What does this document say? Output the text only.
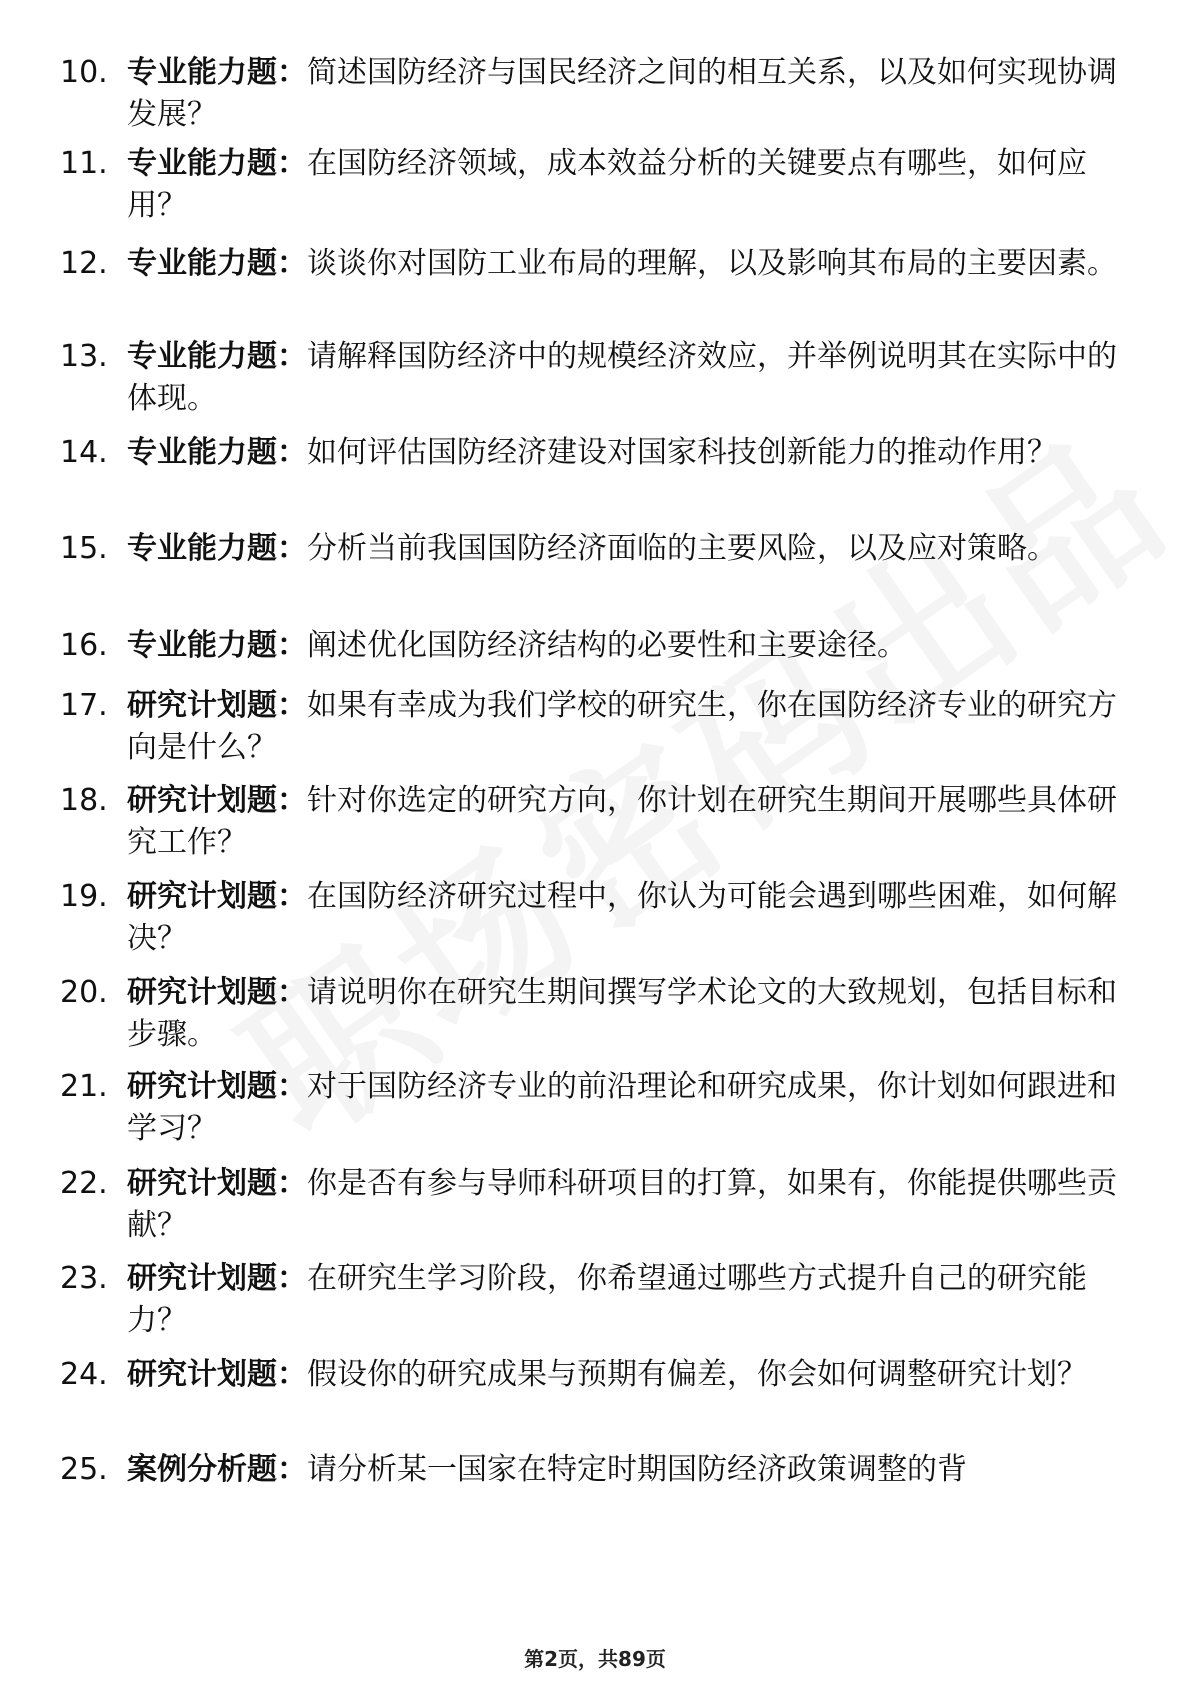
10. 专业能力题：简述国防经济与国民经济之间的相互关系，以及如何实现协调发展？
11. 专业能力题：在国防经济领域，成本效益分析的关键要点有哪些，如何应用？
12. 专业能力题：谈谈你对国防工业布局的理解，以及影响其布局的主要因素。
13. 专业能力题：请解释国防经济中的规模经济效应，并举例说明其在实际中的体现。
14. 专业能力题：如何评估国防经济建设对国家科技创新能力的推动作用？
15. 专业能力题：分析当前我国国防经济面临的主要风险，以及应对策略。
16. 专业能力题：阐述优化国防经济结构的必要性和主要途径。
17. 研究计划题：如果有幸成为我们学校的研究生，你在国防经济专业的研究方向是什么？
18. 研究计划题：针对你选定的研究方向，你计划在研究生期间开展哪些具体研究工作？
19. 研究计划题：在国防经济研究过程中，你认为可能会遇到哪些困难，如何解决？
20. 研究计划题：请说明你在研究生期间撰写学术论文的大致规划，包括目标和步骤。
21. 研究计划题：对于国防经济专业的前沿理论和研究成果，你计划如何跟进和学习？
22. 研究计划题：你是否有参与导师科研项目的打算，如果有，你能提供哪些贡献？
23. 研究计划题：在研究生学习阶段，你希望通过哪些方式提升自己的研究能力？
24. 研究计划题：假设你的研究成果与预期有偏差，你会如何调整研究计划？
25. 案例分析题：请分析某一国家在特定时期国防经济政策调整的背
第2页，共89页
